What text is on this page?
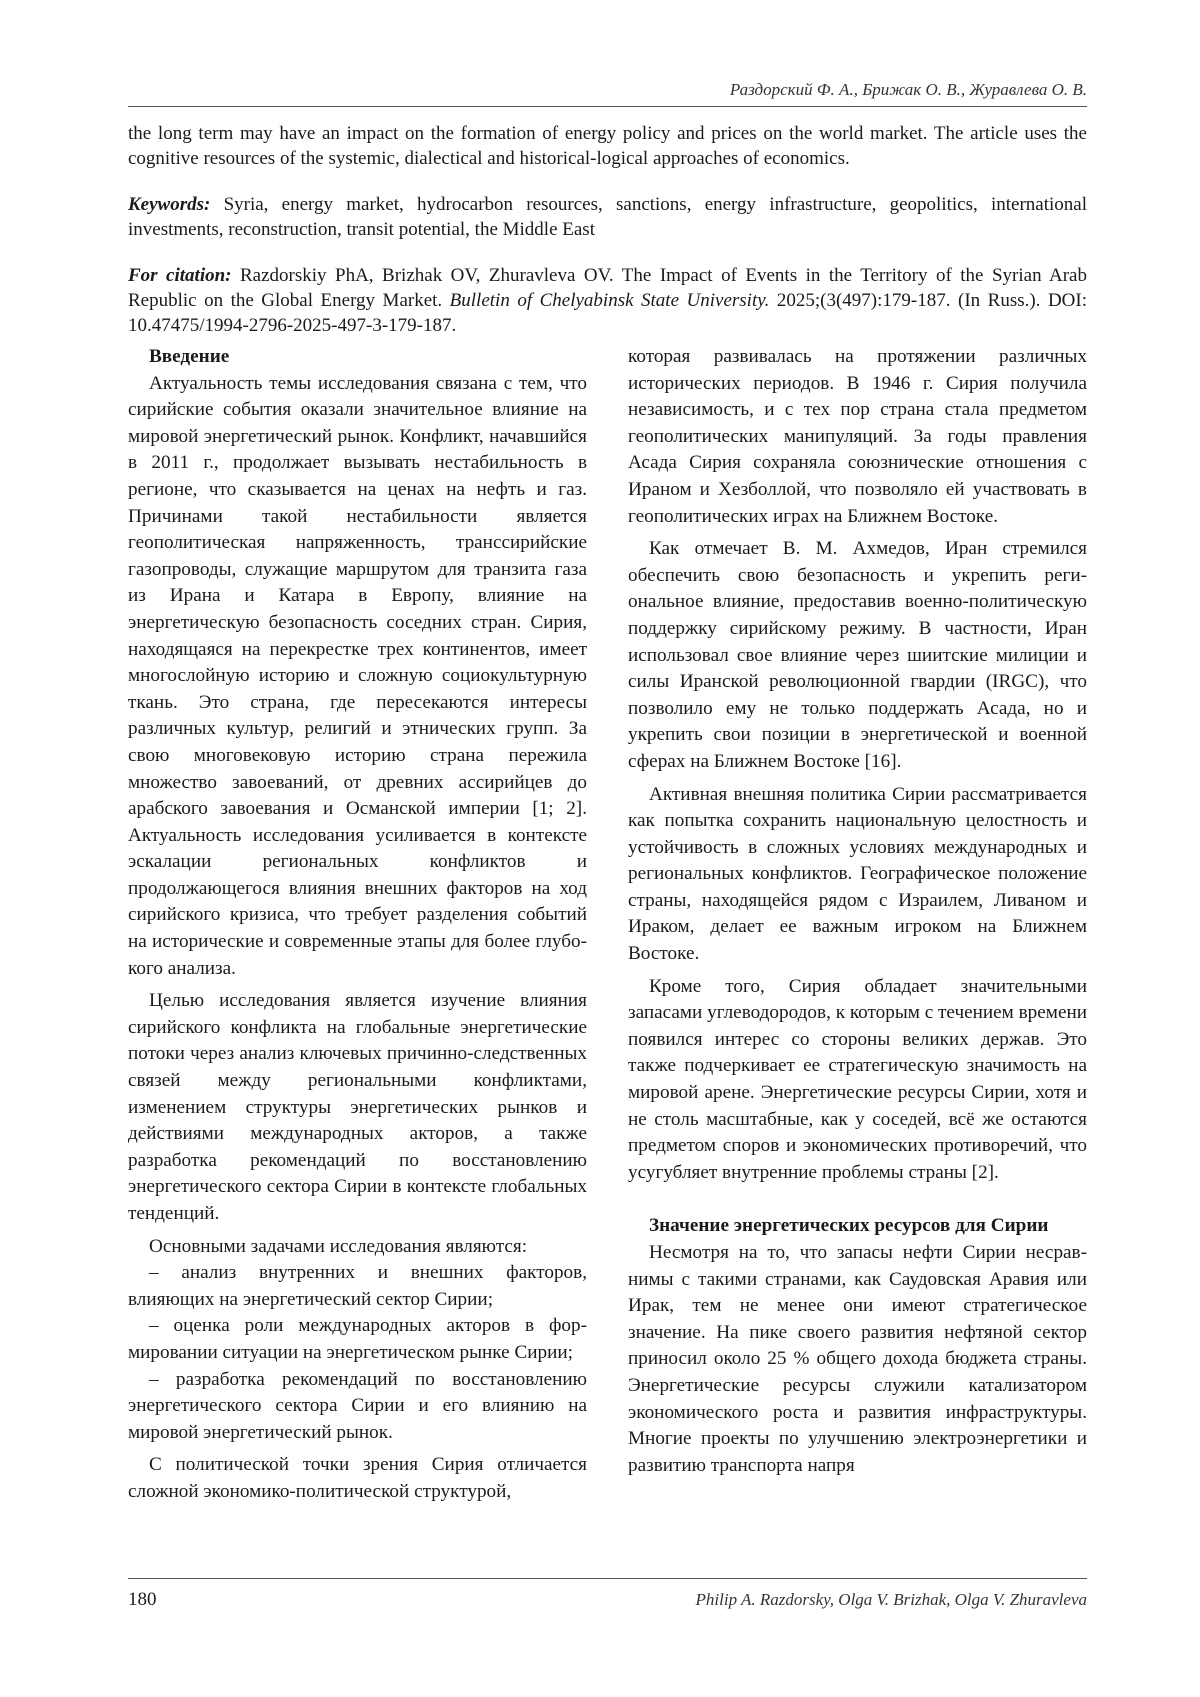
Раздорский Ф. А., Брижак О. В., Журавлева О. В.

the long term may have an impact on the formation of energy policy and prices on the world market. The article uses the cognitive resources of the systemic, dialectical and historical-logical approaches of economics.

Keywords: Syria, energy market, hydrocarbon resources, sanctions, energy infrastructure, geopolitics, international investments, reconstruction, transit potential, the Middle East

For citation: Razdorskiy PhA, Brizhak OV, Zhuravleva OV. The Impact of Events in the Territory of the Syrian Arab Republic on the Global Energy Market. Bulletin of Chelyabinsk State University. 2025;(3(497):179-187. (In Russ.). DOI: 10.47475/1994-2796-2025-497-3-179-187.

Введение

Актуальность темы исследования связана с тем, что сирийские события оказали значительное влияние на мировой энергетический рынок. Конфликт, начавшийся в 2011 г., продолжает вызывать нестабильность в регионе, что сказывается на ценах на нефть и газ. Причинами такой нестабильности является геополитическая напряженность, транссирийские газопроводы, служащие маршрутом для транзита газа из Ирана и Катара в Европу, влияние на энергетическую безопасность соседних стран. Сирия, находящаяся на перекрестке трех континентов, имеет многослойную историю и сложную социокультурную ткань. Это страна, где пересекаются интересы различных культур, религий и этнических групп. За свою многовековую историю страна пережила множество завоеваний, от древних ассирийцев до арабского завоевания и Османской империи [1; 2]. Актуальность исследования усиливается в контексте эскалации региональных конфликтов и продолжающегося влияния внешних факторов на ход сирийского кризиса, что требует разделения событий на исторические и современные этапы для более глубокого анализа.

Целью исследования является изучение влияния сирийского конфликта на глобальные энергетические потоки через анализ ключевых причинно-следственных связей между региональными конфликтами, изменением структуры энергетических рынков и действиями международных акторов, а также разработка рекомендаций по восстановлению энергетического сектора Сирии в контексте глобальных тенденций.

Основными задачами исследования являются:

– анализ внутренних и внешних факторов, влияющих на энергетический сектор Сирии;

– оценка роли международных акторов в формировании ситуации на энергетическом рынке Сирии;

– разработка рекомендаций по восстановлению энергетического сектора Сирии и его влиянию на мировой энергетический рынок.

С политической точки зрения Сирия отличается сложной экономико-политической структурой,

которая развивалась на протяжении различных исторических периодов. В 1946 г. Сирия получила независимость, и с тех пор страна стала предметом геополитических манипуляций. За годы правления Асада Сирия сохраняла союзнические отношения с Ираном и Хезболлой, что позволяло ей участвовать в геополитических играх на Ближнем Востоке.

Как отмечает В. М. Ахмедов, Иран стремился обеспечить свою безопасность и укрепить региональное влияние, предоставив военно-политическую поддержку сирийскому режиму. В частности, Иран использовал свое влияние через шиитские милиции и силы Иранской революционной гвардии (IRGC), что позволило ему не только поддержать Асада, но и укрепить свои позиции в энергетической и военной сферах на Ближнем Востоке [16].

Активная внешняя политика Сирии рассматривается как попытка сохранить национальную целостность и устойчивость в сложных условиях международных и региональных конфликтов. Географическое положение страны, находящейся рядом с Израилем, Ливаном и Ираком, делает ее важным игроком на Ближнем Востоке.

Кроме того, Сирия обладает значительными запасами углеводородов, к которым с течением времени появился интерес со стороны великих держав. Это также подчеркивает ее стратегическую значимость на мировой арене. Энергетические ресурсы Сирии, хотя и не столь масштабные, как у соседей, всё же остаются предметом споров и экономических противоречий, что усугубляет внутренние проблемы страны [2].

Значение энергетических ресурсов для Сирии

Несмотря на то, что запасы нефти Сирии несравнимы с такими странами, как Саудовская Аравия или Ирак, тем не менее они имеют стратегическое значение. На пике своего развития нефтяной сектор приносил около 25 % общего дохода бюджета страны. Энергетические ресурсы служили катализатором экономического роста и развития инфраструктуры. Многие проекты по улучшению электроэнергетики и развитию транспорта напря

180	Philip A. Razdorsky, Olga V. Brizhak, Olga V. Zhuravleva
